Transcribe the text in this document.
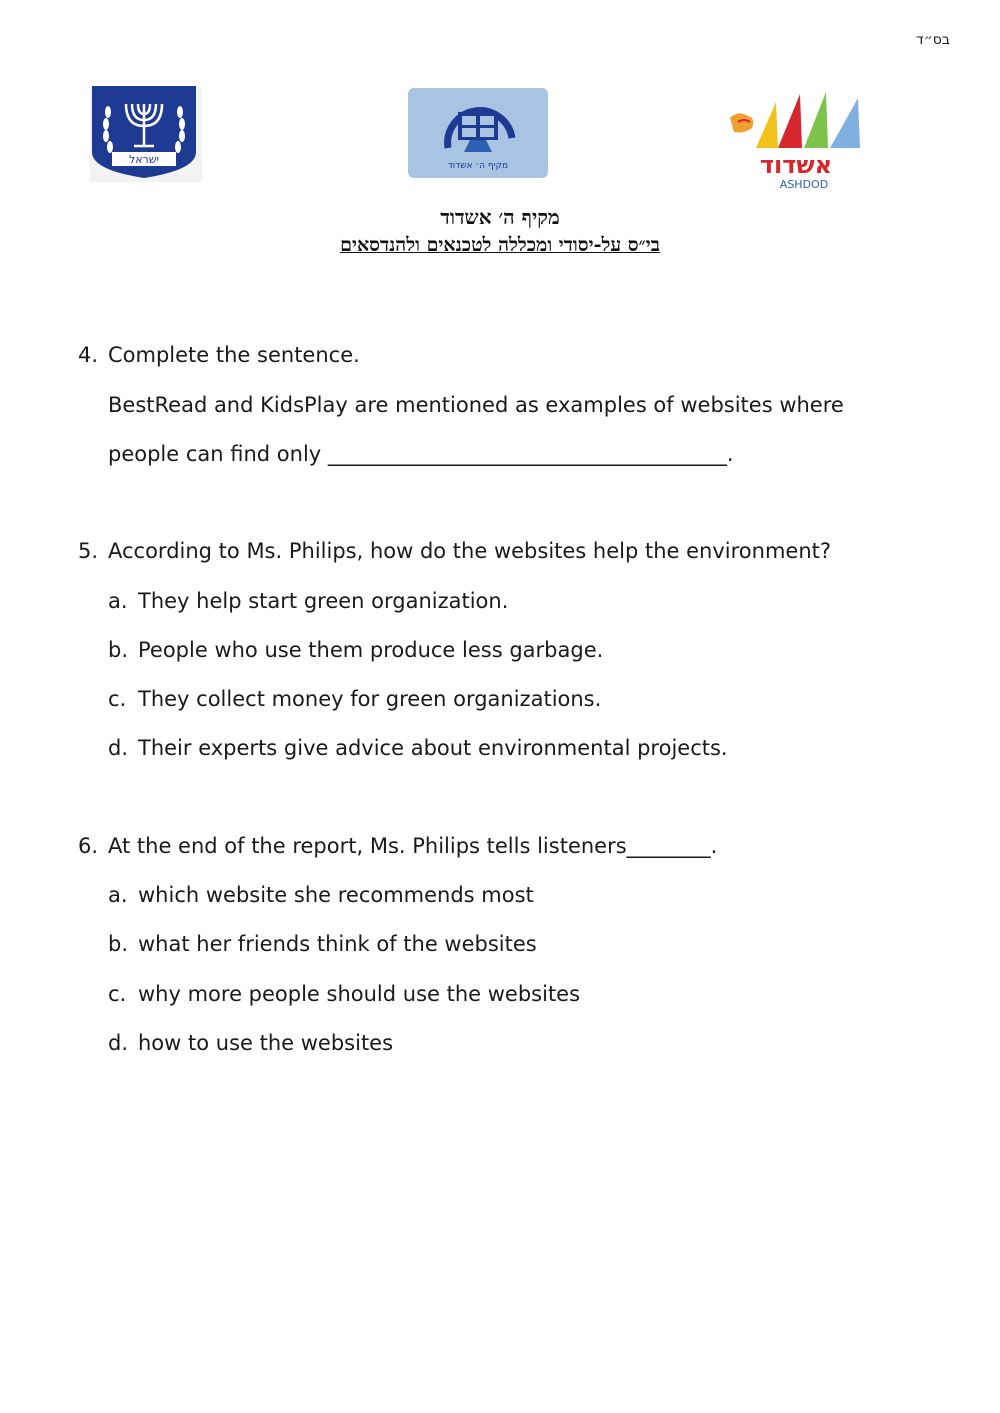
בס״ד
ישראל	מקיף ה׳ אשדוד	אשדוד
ASHDOD
מקיף ה׳ אשדוד
בי״ס על-יסודי ומכללה לטכנאים ולהנדסאים
4. Complete the sentence.
BestRead and KidsPlay are mentioned as examples of websites where
people can find only ______________________________________.
5. According to Ms. Philips, how do the websites help the environment?
a. They help start green organization.
b. People who use them produce less garbage.
c. They collect money for green organizations.
d. Their experts give advice about environmental projects.
6. At the end of the report, Ms. Philips tells listeners________.
a. which website she recommends most
b. what her friends think of the websites
c. why more people should use the websites
d. how to use the websites
